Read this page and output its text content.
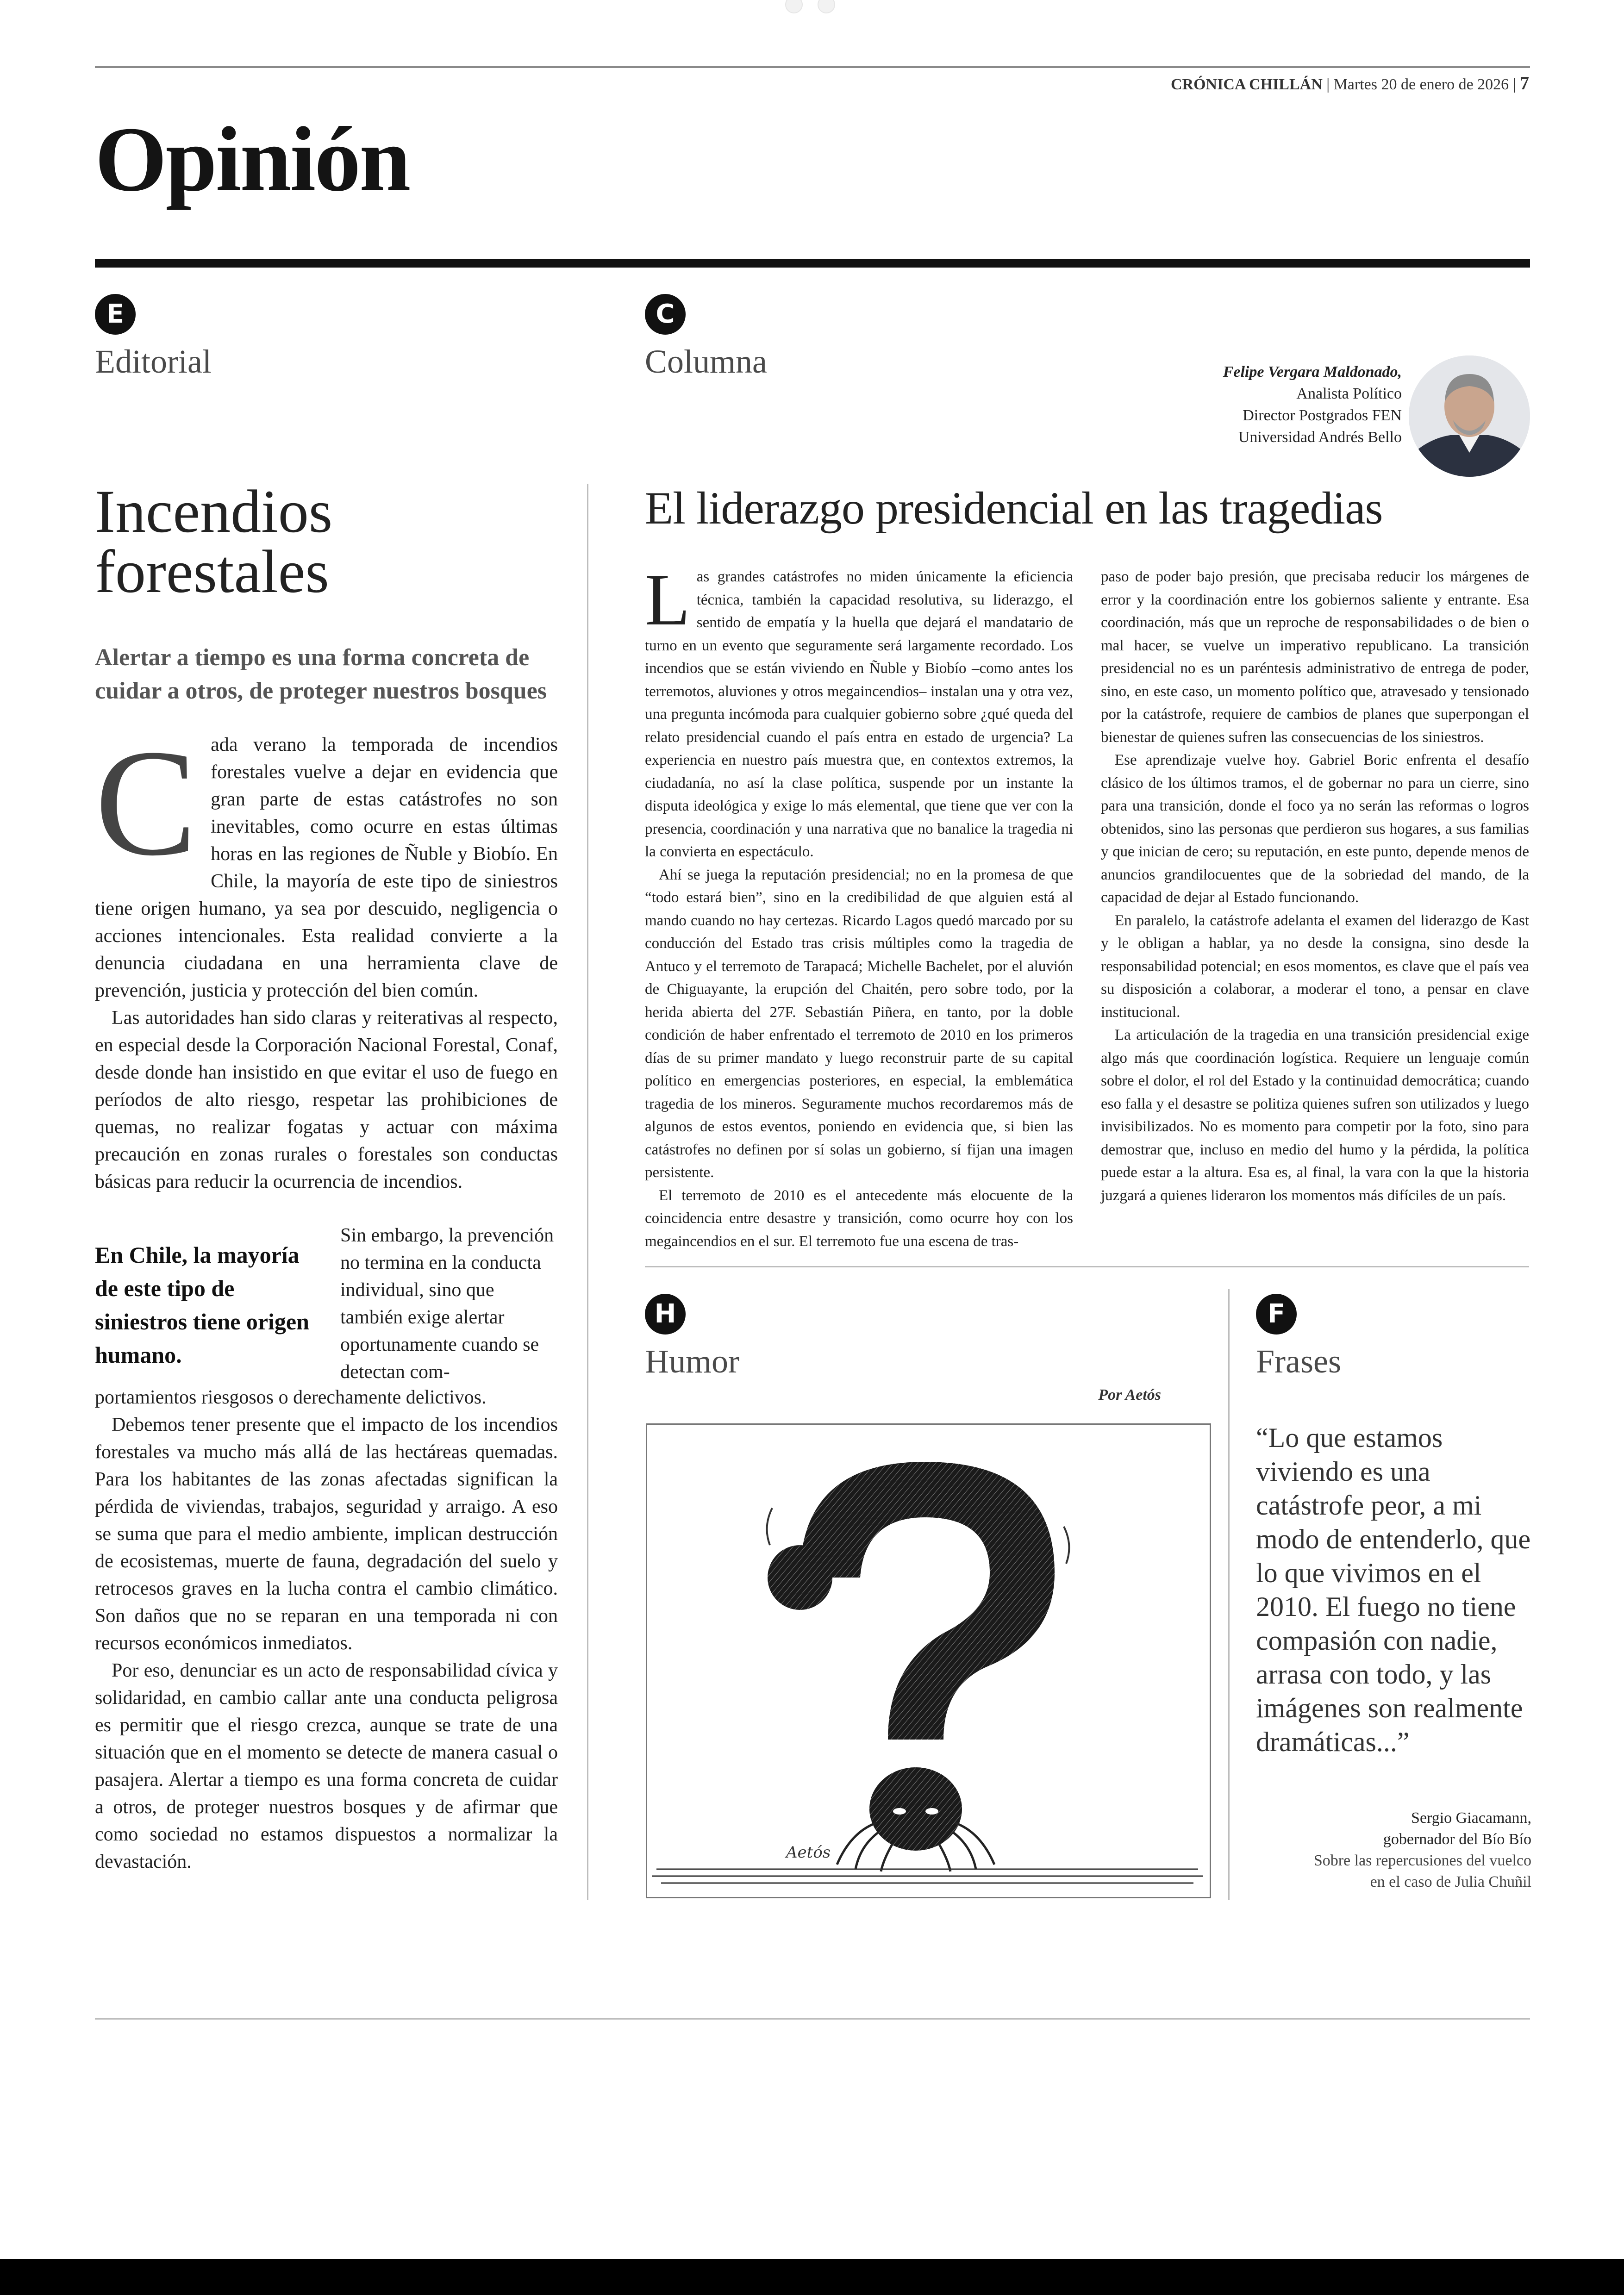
CRÓNICA CHILLÁN | Martes 20 de enero de 2026 | 7
Opinión
E
Editorial
C
Columna	Felipe Vergara Maldonado,
Analista Político
Director Postgrados FEN
Universidad Andrés Bello
Incendios
forestales
Alertar a tiempo es una forma concreta de cuidar a otros, de proteger nuestros bosques
C ada verano la temporada de incendios forestales vuelve a dejar en evidencia que gran parte de estas catástrofes no son inevitables, como ocurre en estas últimas horas en las regiones de Ñuble y Biobío. En Chile, la mayoría de este tipo de siniestros tiene origen humano, ya sea por descuido, negligencia o acciones intencionales. Esta realidad convierte a la denuncia ciudadana en una herramienta clave de prevención, justicia y protección del bien común.

Las autoridades han sido claras y reiterativas al respecto, en especial desde la Corporación Nacional Forestal, Conaf, desde donde han insistido en que evitar el uso de fuego en períodos de alto riesgo, respetar las prohibiciones de quemas, no realizar fogatas y actuar con máxima precaución en zonas rurales o forestales son conductas básicas para reducir la ocurrencia de incendios.

En Chile, la mayoría de este tipo de siniestros tiene origen humano.
Sin embargo, la prevención no termina en la conducta individual, sino que también exige alertar oportunamente cuando se detectan com-
portamientos riesgosos o derechamente delictivos.

Debemos tener presente que el impacto de los incendios forestales va mucho más allá de las hectáreas quemadas. Para los habitantes de las zonas afectadas significan la pérdida de viviendas, trabajos, seguridad y arraigo. A eso se suma que para el medio ambiente, implican destrucción de ecosistemas, muerte de fauna, degradación del suelo y retrocesos graves en la lucha contra el cambio climático. Son daños que no se reparan en una temporada ni con recursos económicos inmediatos.

Por eso, denunciar es un acto de responsabilidad cívica y solidaridad, en cambio callar ante una conducta peligrosa es permitir que el riesgo crezca, aunque se trate de una situación que en el momento se detecte de manera casual o pasajera. Alertar a tiempo es una forma concreta de cuidar a otros, de proteger nuestros bosques y de afirmar que como sociedad no estamos dispuestos a normalizar la devastación.

El liderazgo presidencial en las tragedias
L as grandes catástrofes no miden únicamente la eficiencia técnica, también la capacidad resolutiva, su liderazgo, el sentido de empatía y la huella que dejará el mandatario de turno en un evento que seguramente será largamente recordado. Los incendios que se están viviendo en Ñuble y Biobío –como antes los terremotos, aluviones y otros megaincendios– instalan una y otra vez, una pregunta incómoda para cualquier gobierno sobre ¿qué queda del relato presidencial cuando el país entra en estado de urgencia? La experiencia en nuestro país muestra que, en contextos extremos, la ciudadanía, no así la clase política, suspende por un instante la disputa ideológica y exige lo más elemental, que tiene que ver con la presencia, coordinación y una narrativa que no banalice la tragedia ni la convierta en espectáculo.

Ahí se juega la reputación presidencial; no en la promesa de que “todo estará bien”, sino en la credibilidad de que alguien está al mando cuando no hay certezas. Ricardo Lagos quedó marcado por su conducción del Estado tras crisis múltiples como la tragedia de Antuco y el terremoto de Tarapacá; Michelle Bachelet, por el aluvión de Chiguayante, la erupción del Chaitén, pero sobre todo, por la herida abierta del 27F. Sebastián Piñera, en tanto, por la doble condición de haber enfrentado el terremoto de 2010 en los primeros días de su primer mandato y luego reconstruir parte de su capital político en emergencias posteriores, en especial, la emblemática tragedia de los mineros. Seguramente muchos recordaremos más de algunos de estos eventos, poniendo en evidencia que, si bien las catástrofes no definen por sí solas un gobierno, sí fijan una imagen persistente.

El terremoto de 2010 es el antecedente más elocuente de la coincidencia entre desastre y transición, como ocurre hoy con los megaincendios en el sur. El terremoto fue una escena de tras-

paso de poder bajo presión, que precisaba reducir los márgenes de error y la coordinación entre los gobiernos saliente y entrante. Esa coordinación, más que un reproche de responsabilidades o de bien o mal hacer, se vuelve un imperativo republicano. La transición presidencial no es un paréntesis administrativo de entrega de poder, sino, en este caso, un momento político que, atravesado y tensionado por la catástrofe, requiere de cambios de planes que superpongan el bienestar de quienes sufren las consecuencias de los siniestros.

Ese aprendizaje vuelve hoy. Gabriel Boric enfrenta el desafío clásico de los últimos tramos, el de gobernar no para un cierre, sino para una transición, donde el foco ya no serán las reformas o logros obtenidos, sino las personas que perdieron sus hogares, a sus familias y que inician de cero; su reputación, en este punto, depende menos de anuncios grandilocuentes que de la sobriedad del mando, de la capacidad de dejar al Estado funcionando.

En paralelo, la catástrofe adelanta el examen del liderazgo de Kast y le obligan a hablar, ya no desde la consigna, sino desde la responsabilidad potencial; en esos momentos, es clave que el país vea su disposición a colaborar, a moderar el tono, a pensar en clave institucional.

La articulación de la tragedia en una transición presidencial exige algo más que coordinación logística. Requiere un lenguaje común sobre el dolor, el rol del Estado y la continuidad democrática; cuando eso falla y el desastre se politiza quienes sufren son utilizados y luego invisibilizados. No es momento para competir por la foto, sino para demostrar que, incluso en medio del humo y la pérdida, la política puede estar a la altura. Esa es, al final, la vara con la que la historia juzgará a quienes lideraron los momentos más difíciles de un país.

H
Humor
Por Aetós
Aetós
F
Frases
“Lo que estamos viviendo es una catástrofe peor, a mi modo de entenderlo, que lo que vivimos en el 2010. El fuego no tiene compasión con nadie, arrasa con todo, y las imágenes son realmente dramáticas...”
Sergio Giacamann,
gobernador del Bío Bío
Sobre las repercusiones del vuelco
en el caso de Julia Chuñil
